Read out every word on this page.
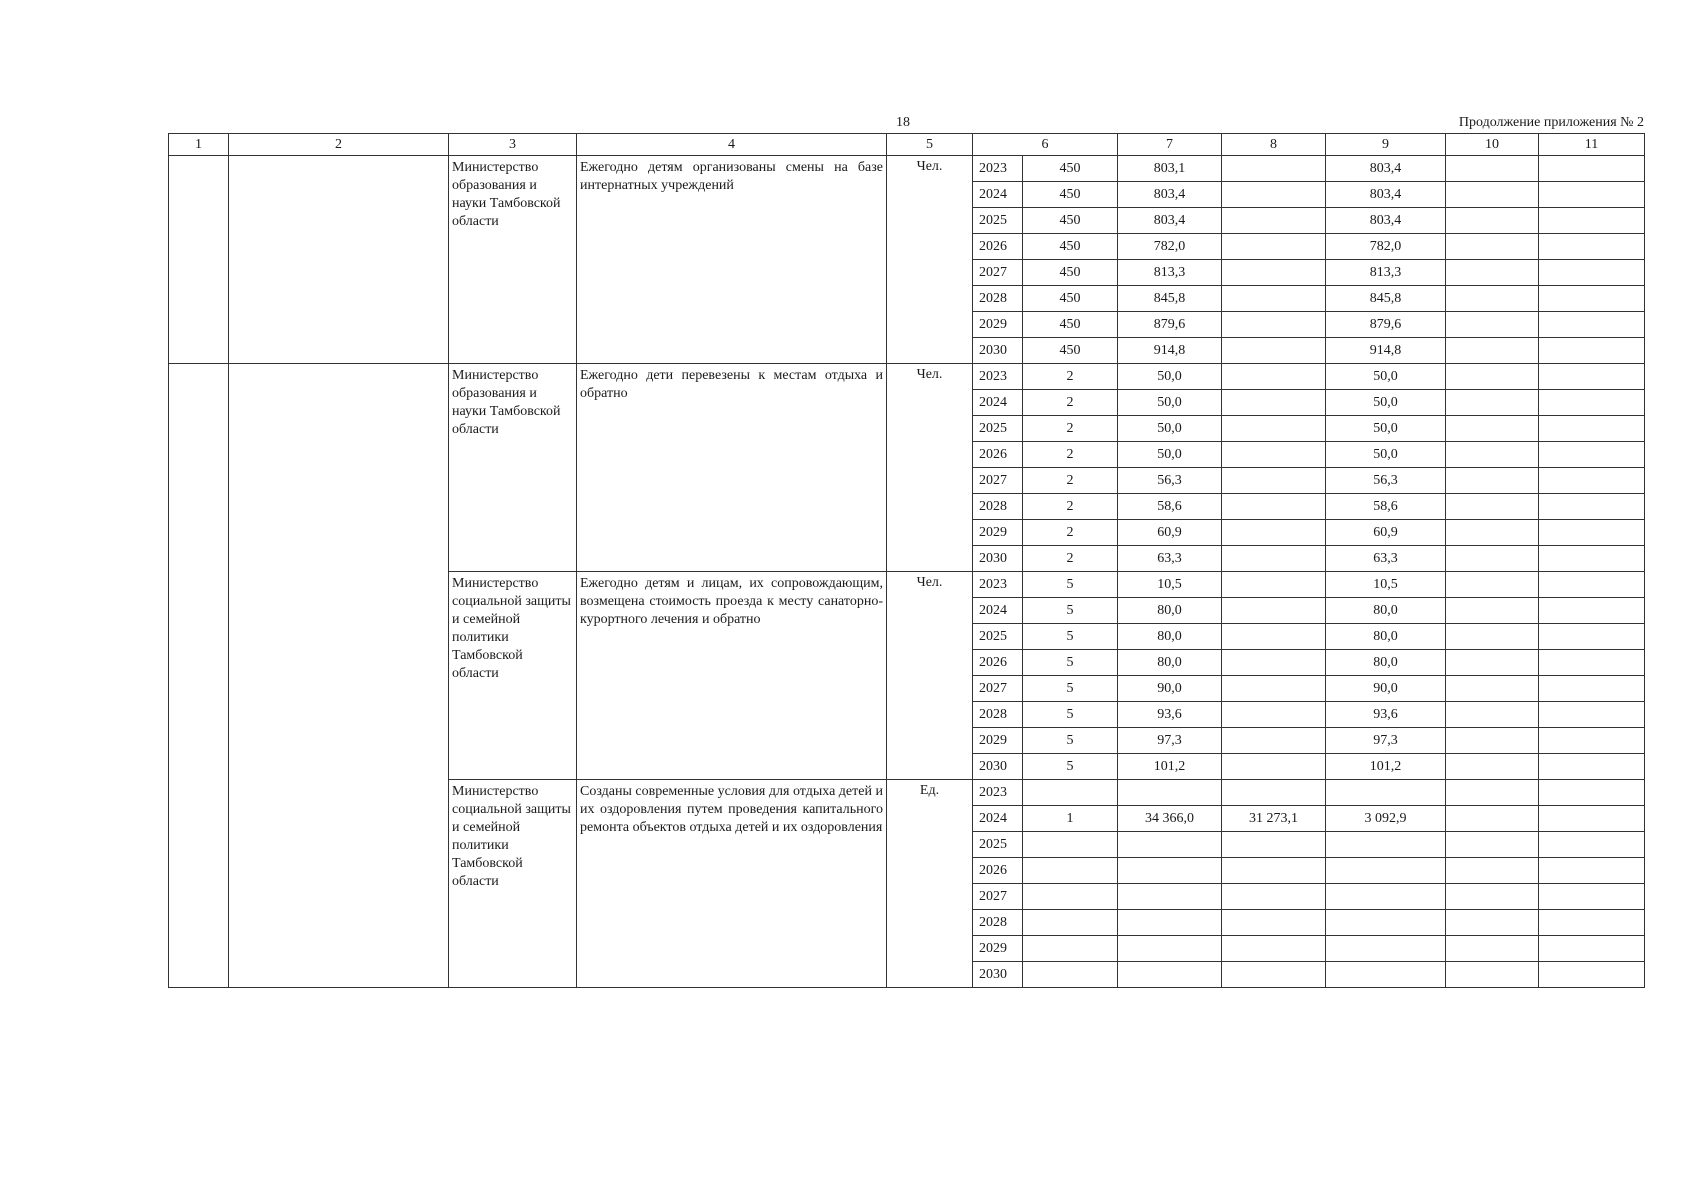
18	Продолжение приложения № 2
1	2	3	4	5	6		7	8	9	10	11
		Министерство образования и науки Тамбовской области	Ежегодно детям организованы смены на базе интернатных учреждений	Чел.	2023	450	803,1		803,4		
					2024	450	803,4		803,4		
					2025	450	803,4		803,4		
					2026	450	782,0		782,0		
					2027	450	813,3		813,3		
					2028	450	845,8		845,8		
					2029	450	879,6		879,6		
					2030	450	914,8		914,8		
		Министерство образования и науки Тамбовской области	Ежегодно дети перевезены к местам отдыха и обратно	Чел.	2023	2	50,0		50,0		
					2024	2	50,0		50,0		
					2025	2	50,0		50,0		
					2026	2	50,0		50,0		
					2027	2	56,3		56,3		
					2028	2	58,6		58,6		
					2029	2	60,9		60,9		
					2030	2	63,3		63,3		
		Министерство социальной защиты и семейной политики Тамбовской области	Ежегодно детям и лицам, их сопровождающим, возмещена стоимость проезда к месту санаторно-курортного лечения и обратно	Чел.	2023	5	10,5		10,5		
					2024	5	80,0		80,0		
					2025	5	80,0		80,0		
					2026	5	80,0		80,0		
					2027	5	90,0		90,0		
					2028	5	93,6		93,6		
					2029	5	97,3		97,3		
					2030	5	101,2		101,2		
		Министерство социальной защиты и семейной политики Тамбовской области	Созданы современные условия для отдыха детей и их оздоровления путем проведения капитального ремонта объектов отдыха детей и их оздоровления	Ед.	2023						
					2024	1	34 366,0	31 273,1	3 092,9		
					2025						
					2026						
					2027						
					2028						
					2029						
					2030						
